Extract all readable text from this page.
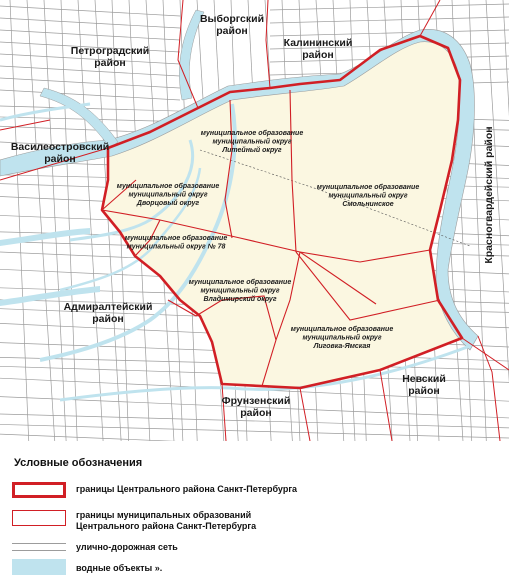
Петроградский район
Выборгский район
Калининский район
Василеостровский район	Красногвардейский район
Адмиралтейский район
Фрунзенский район
Невский район
муниципальное образование муниципальный округ Литейный округ
муниципальное образование муниципальный округ Смольнинское
муниципальное образование муниципальный округ Дворцовый округ
муниципальное образование муниципальный округ № 78
муниципальное образование муниципальный округ Владимирский округ
муниципальное образование муниципальный округ Лиговка-Ямская
Условные обозначения
границы Центрального района Санкт-Петербурга
границы муниципальных образований
Центрального района Санкт-Петербурга
улично-дорожная сеть
водные объекты ».
